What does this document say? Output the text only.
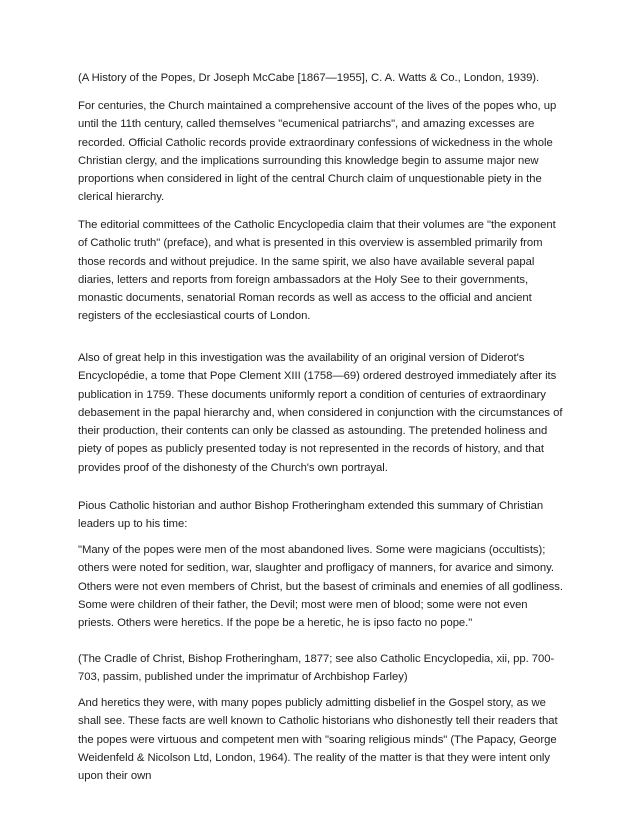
(A History of the Popes, Dr Joseph McCabe [1867—1955], C. A. Watts & Co., London, 1939).

For centuries, the Church maintained a comprehensive account of the lives of the popes who, up until the 11th century, called themselves "ecumenical patriarchs", and amazing excesses are recorded. Official Catholic records provide extraordinary confessions of wickedness in the whole Christian clergy, and the implications surrounding this knowledge begin to assume major new proportions when considered in light of the central Church claim of unquestionable piety in the clerical hierarchy.

The editorial committees of the Catholic Encyclopedia claim that their volumes are "the exponent of Catholic truth" (preface), and what is presented in this overview is assembled primarily from those records and without prejudice. In the same spirit, we also have available several papal diaries, letters and reports from foreign ambassadors at the Holy See to their governments, monastic documents, senatorial Roman records as well as access to the official and ancient registers of the ecclesiastical courts of London.

Also of great help in this investigation was the availability of an original version of Diderot's Encyclopédie, a tome that Pope Clement XIII (1758—69) ordered destroyed immediately after its publication in 1759. These documents uniformly report a condition of centuries of extraordinary debasement in the papal hierarchy and, when considered in conjunction with the circumstances of their production, their contents can only be classed as astounding. The pretended holiness and piety of popes as publicly presented today is not represented in the records of history, and that provides proof of the dishonesty of the Church's own portrayal.

Pious Catholic historian and author Bishop Frotheringham extended this summary of Christian leaders up to his time:

"Many of the popes were men of the most abandoned lives. Some were magicians (occultists); others were noted for sedition, war, slaughter and profligacy of manners, for avarice and simony. Others were not even members of Christ, but the basest of criminals and enemies of all godliness. Some were children of their father, the Devil; most were men of blood; some were not even priests. Others were heretics. If the pope be a heretic, he is ipso facto no pope."

(The Cradle of Christ, Bishop Frotheringham, 1877; see also Catholic Encyclopedia, xii, pp. 700-703, passim, published under the imprimatur of Archbishop Farley)

And heretics they were, with many popes publicly admitting disbelief in the Gospel story, as we shall see. These facts are well known to Catholic historians who dishonestly tell their readers that the popes were virtuous and competent men with "soaring religious minds" (The Papacy, George Weidenfeld & Nicolson Ltd, London, 1964). The reality of the matter is that they were intent only upon their own
